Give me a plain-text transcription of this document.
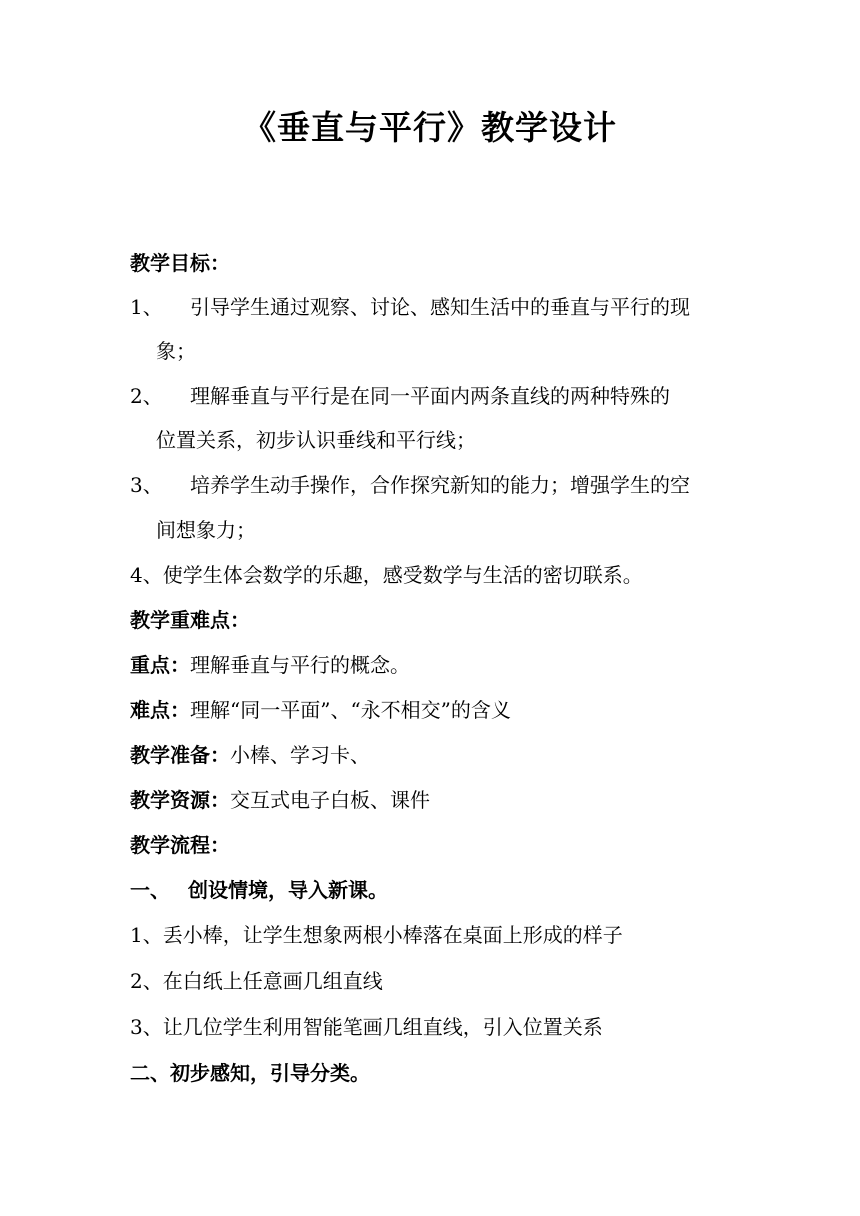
《垂直与平行》教学设计
教学目标：
1、 引导学生通过观察、讨论、感知生活中的垂直与平行的现
象；
2、 理解垂直与平行是在同一平面内两条直线的两种特殊的
位置关系，初步认识垂线和平行线；
3、 培养学生动手操作，合作探究新知的能力；增强学生的空
间想象力；
4、使学生体会数学的乐趣，感受数学与生活的密切联系。
教学重难点：
重点：理解垂直与平行的概念。
难点：理解“同一平面”、“永不相交”的含义
教学准备：小棒、学习卡、
教学资源：交互式电子白板、课件
教学流程：
一、 创设情境，导入新课。
1、丢小棒，让学生想象两根小棒落在桌面上形成的样子
2、在白纸上任意画几组直线
3、让几位学生利用智能笔画几组直线，引入位置关系
二、初步感知，引导分类。
